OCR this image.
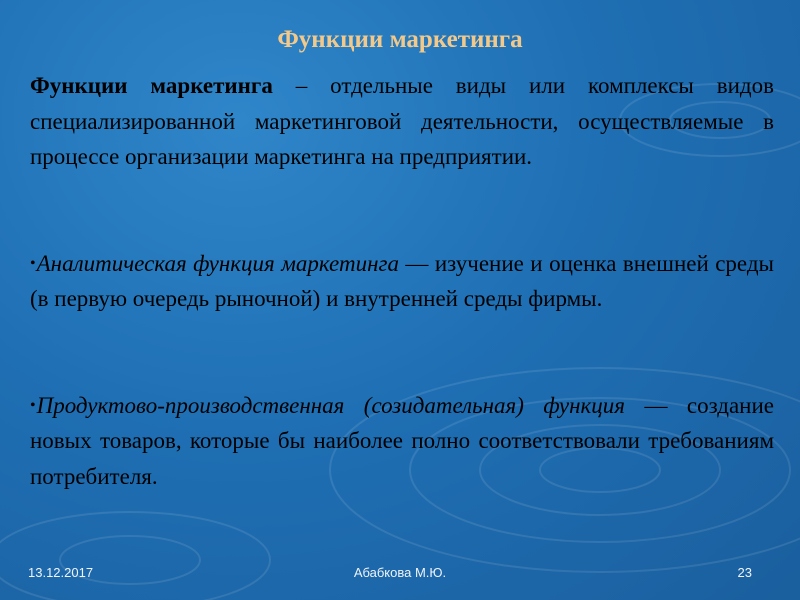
Функции маркетинга

Функции маркетинга – отдельные виды или комплексы видов специализированной маркетинговой деятельности, осуществляемые в процессе организации маркетинга на предприятии.

•Аналитическая функция маркетинга — изучение и оценка внешней среды (в первую очередь рыночной) и внутренней среды фирмы.

•Продуктово-производственная (созидательная) функция — создание новых товаров, которые бы наиболее полно соответствовали требованиям потребителя.

13.12.2017	Абабкова М.Ю.	23
